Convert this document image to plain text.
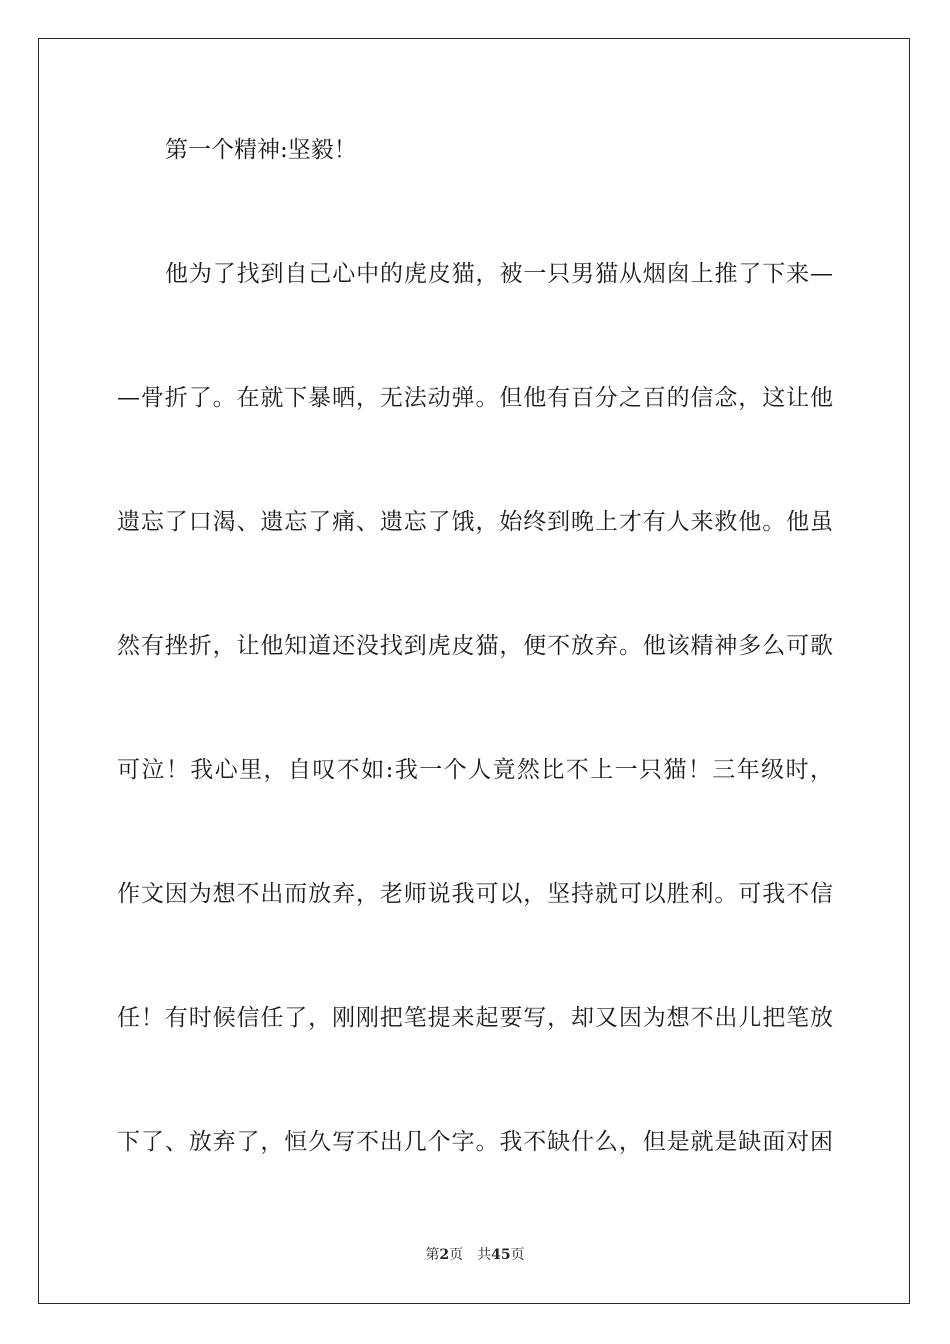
第一个精神:坚毅！
他为了找到自己心中的虎皮猫，被一只男猫从烟囱上推了下来—
—骨折了。在就下暴晒，无法动弹。但他有百分之百的信念，这让他
遗忘了口渴、遗忘了痛、遗忘了饿，始终到晚上才有人来救他。他虽
然有挫折，让他知道还没找到虎皮猫，便不放弃。他该精神多么可歌
可泣！我心里，自叹不如:我一个人竟然比不上一只猫！三年级时，
作文因为想不出而放弃，老师说我可以，坚持就可以胜利。可我不信
任！有时候信任了，刚刚把笔提来起要写，却又因为想不出儿把笔放
下了、放弃了，恒久写不出几个字。我不缺什么，但是就是缺面对困
第2页 共45页
